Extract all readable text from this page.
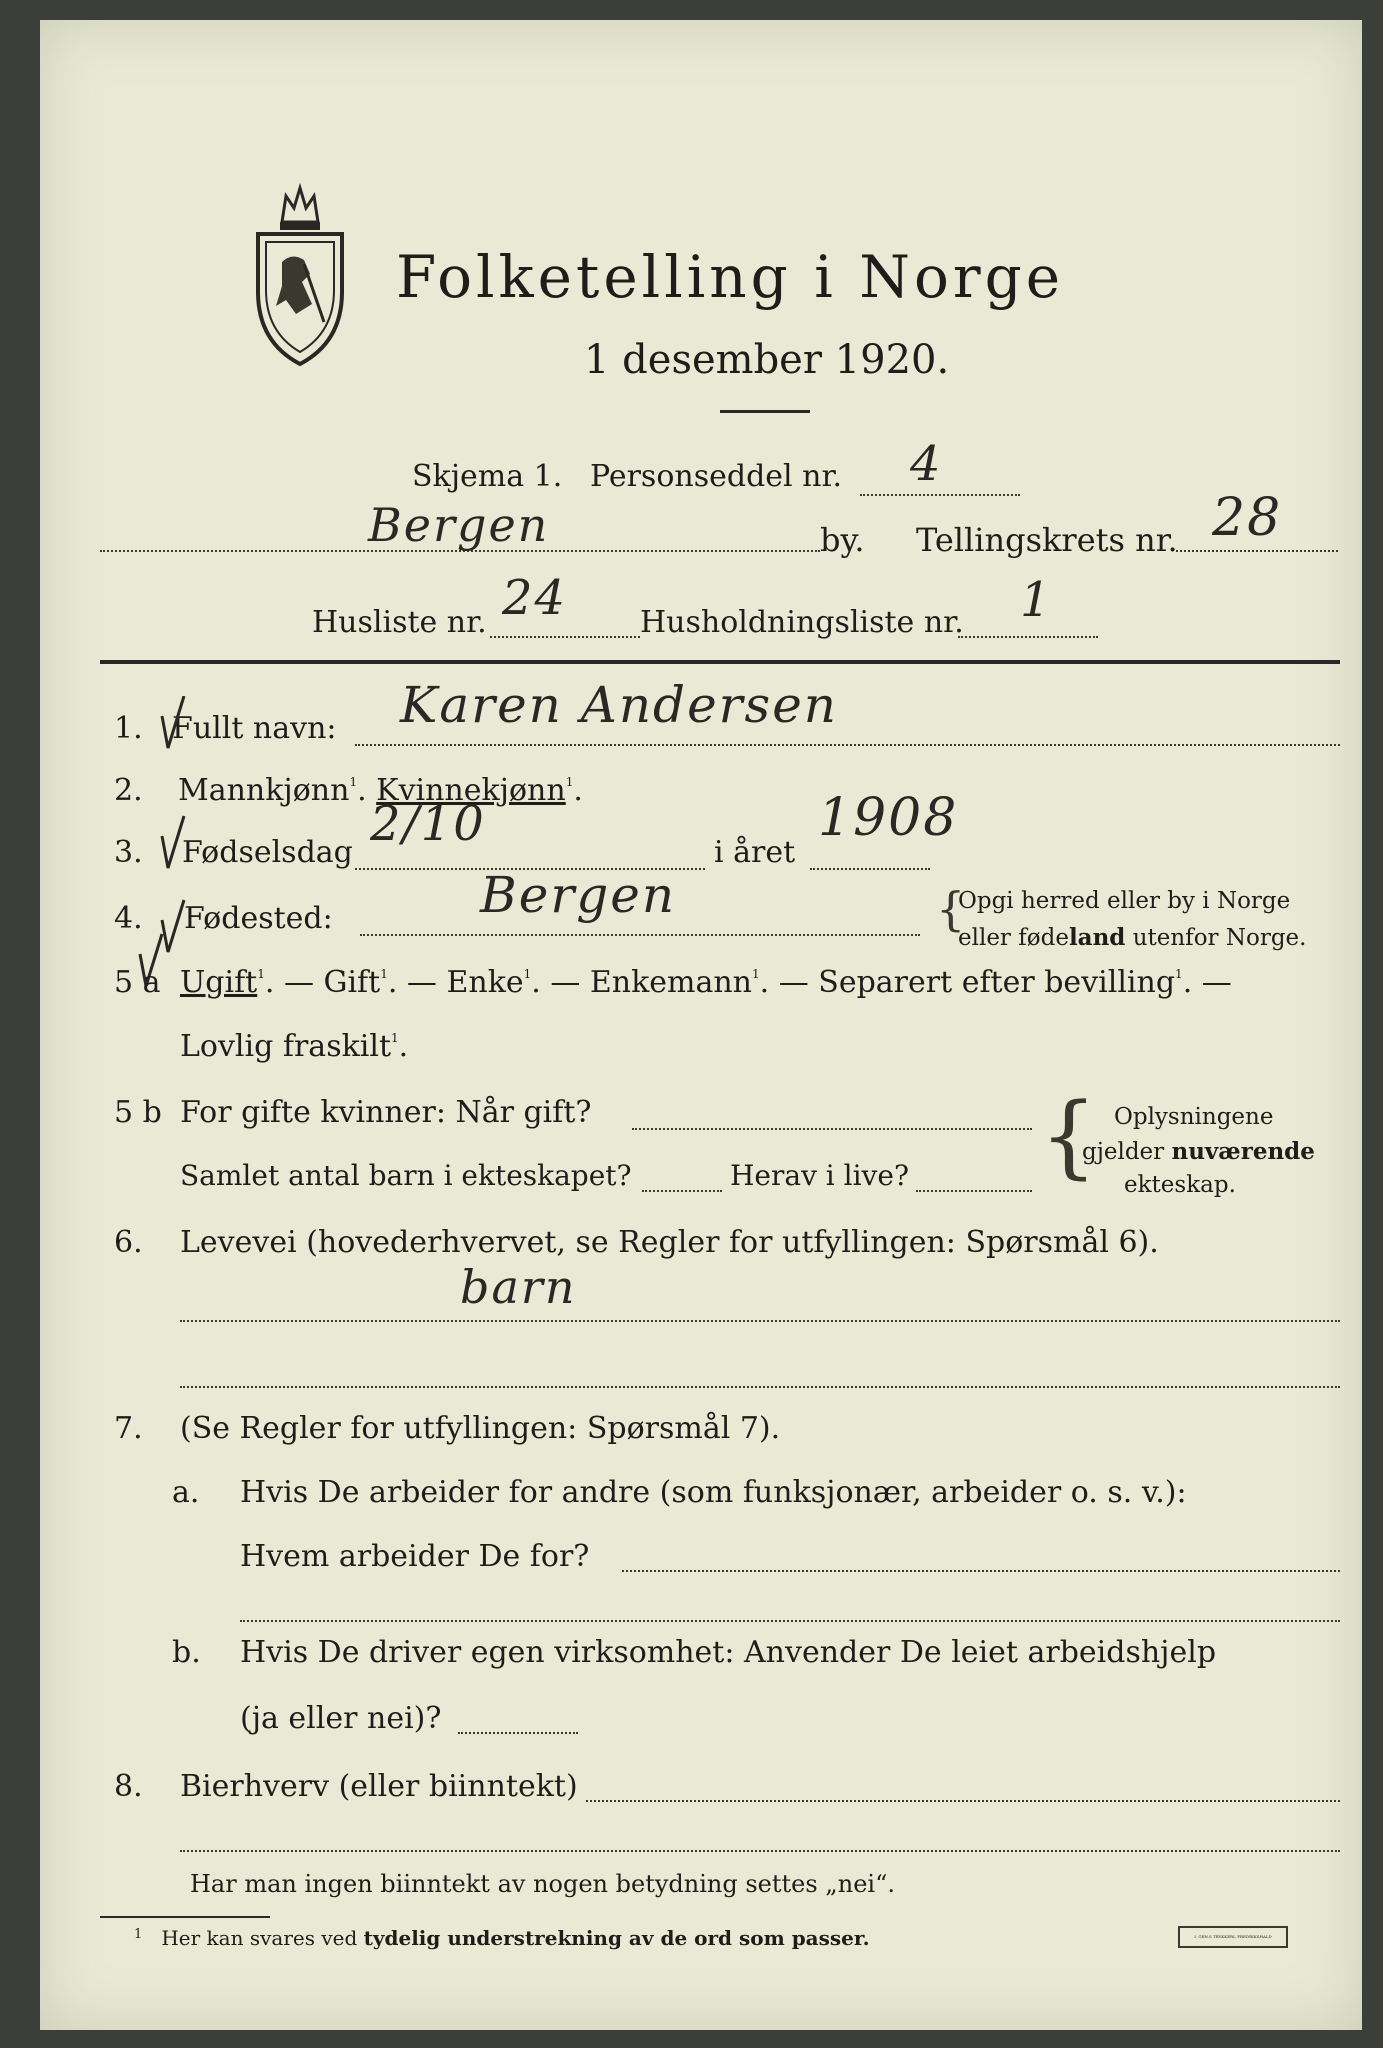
Folketelling i Norge
1 desember 1920.
Skjema 1. Personseddel nr. 4
Bergen	by. Tellingskrets nr. 28
Husliste nr. 24 Husholdningsliste nr. 1
1. Fullt navn: Karen Andersen
2. Mannkjønn$^1$. Kvinnekjønn$^1$.
3. Fødselsdag
2/10
i året
1908
4. Fødested:	Bergen	{
Opgi herred eller by i Norge
eller fødeland utenfor Norge.
5 a Ugift$^1$. — Gift$^1$. — Enke$^1$. — Enkemann$^1$. — Separert efter bevilling$^1$. —
Lovlig fraskilt$^1$.
5 b For gifte kvinner: Når gift?
Samlet antal barn i ekteskapet?	Herav i live? { Oplysningene
gjelder nuværende
ekteskap.
6. Levevei (hovederhvervet, se Regler for utfyllingen: Spørsmål 6).
barn
7. (Se Regler for utfyllingen: Spørsmål 7).
a. Hvis De arbeider for andre (som funksjonær, arbeider o. s. v.):
Hvem arbeider De for?
b. Hvis De driver egen virksomhet: Anvender De leiet arbeidshjelp
(ja eller nei)?
8. Bierhverv (eller biinntekt)
Har man ingen biinntekt av nogen betydning settes „nei“.
$^1$ Her kan svares ved tydelig understrekning av de ord som passer.	I. GEN.S TRYKKERI, FREDRIKSHALD
